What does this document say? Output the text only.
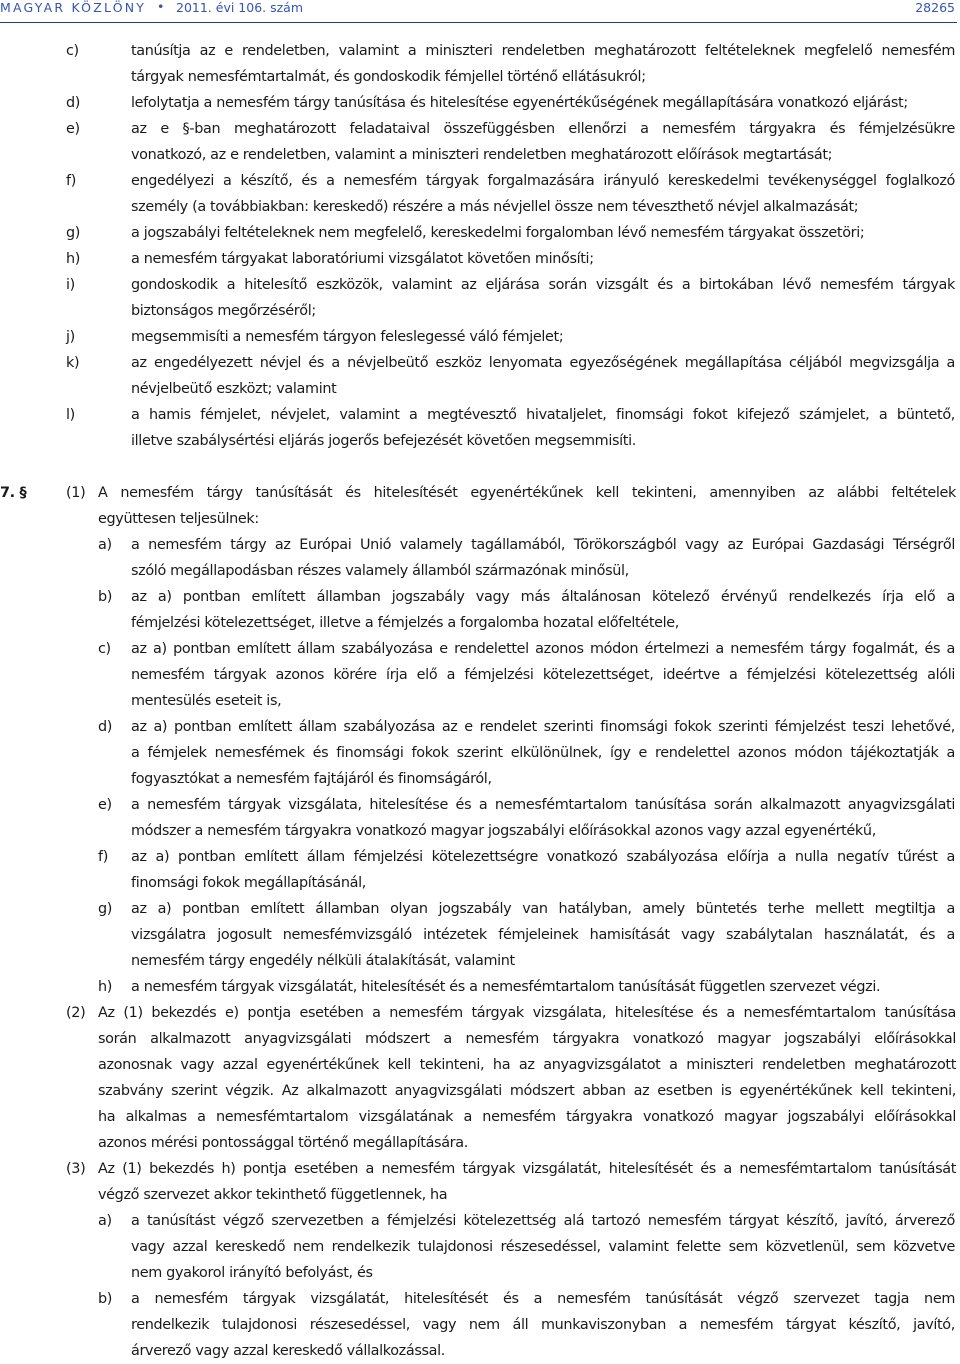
MAGYAR KÖZLÖNY • 2011. évi 106. szám	28265
c)	tanúsítja az e rendeletben, valamint a miniszteri rendeletben meghatározott feltételeknek megfelelő nemesfém
tárgyak nemesfémtartalmát, és gondoskodik fémjellel történő ellátásukról;
d)	lefolytatja a nemesfém tárgy tanúsítása és hitelesítése egyenértékűségének megállapítására vonatkozó eljárást;
e)	az e §-ban meghatározott feladataival összefüggésben ellenőrzi a nemesfém tárgyakra és fémjelzésükre
vonatkozó, az e rendeletben, valamint a miniszteri rendeletben meghatározott előírások megtartását;
f)	engedélyezi a készítő, és a nemesfém tárgyak forgalmazására irányuló kereskedelmi tevékenységgel foglalkozó
személy (a továbbiakban: kereskedő) részére a más névjellel össze nem téveszthető névjel alkalmazását;
g)	a jogszabályi feltételeknek nem megfelelő, kereskedelmi forgalomban lévő nemesfém tárgyakat összetöri;
h)	a nemesfém tárgyakat laboratóriumi vizsgálatot követően minősíti;
i)	gondoskodik a hitelesítő eszközök, valamint az eljárása során vizsgált és a birtokában lévő nemesfém tárgyak
biztonságos megőrzéséről;
j)	megsemmisíti a nemesfém tárgyon feleslegessé váló fémjelet;
k)	az engedélyezett névjel és a névjelbeütő eszköz lenyomata egyezőségének megállapítása céljából megvizsgálja a
névjelbeütő eszközt; valamint
l)	a hamis fémjelet, névjelet, valamint a megtévesztő hivataljelet, finomsági fokot kifejező számjelet, a büntető,
illetve szabálysértési eljárás jogerős befejezését követően megsemmisíti.
7. §	(1) A nemesfém tárgy tanúsítását és hitelesítését egyenértékűnek kell tekinteni, amennyiben az alábbi feltételek
együttesen teljesülnek:
a) a nemesfém tárgy az Európai Unió valamely tagállamából, Törökországból vagy az Európai Gazdasági Térségről
szóló megállapodásban részes valamely államból származónak minősül,
b) az a) pontban említett államban jogszabály vagy más általánosan kötelező érvényű rendelkezés írja elő a
fémjelzési kötelezettséget, illetve a fémjelzés a forgalomba hozatal előfeltétele,
c) az a) pontban említett állam szabályozása e rendelettel azonos módon értelmezi a nemesfém tárgy fogalmát, és a
nemesfém tárgyak azonos körére írja elő a fémjelzési kötelezettséget, ideértve a fémjelzési kötelezettség alóli
mentesülés eseteit is,
d) az a) pontban említett állam szabályozása az e rendelet szerinti finomsági fokok szerinti fémjelzést teszi lehetővé,
a fémjelek nemesfémek és finomsági fokok szerint elkülönülnek, így e rendelettel azonos módon tájékoztatják a
fogyasztókat a nemesfém fajtájáról és finomságáról,
e) a nemesfém tárgyak vizsgálata, hitelesítése és a nemesfémtartalom tanúsítása során alkalmazott anyagvizsgálati
módszer a nemesfém tárgyakra vonatkozó magyar jogszabályi előírásokkal azonos vagy azzal egyenértékű,
f) az a) pontban említett állam fémjelzési kötelezettségre vonatkozó szabályozása előírja a nulla negatív tűrést a
finomsági fokok megállapításánál,
g) az a) pontban említett államban olyan jogszabály van hatályban, amely büntetés terhe mellett megtiltja a
vizsgálatra jogosult nemesfémvizsgáló intézetek fémjeleinek hamisítását vagy szabálytalan használatát, és a
nemesfém tárgy engedély nélküli átalakítását, valamint
h) a nemesfém tárgyak vizsgálatát, hitelesítését és a nemesfémtartalom tanúsítását független szervezet végzi.
(2) Az (1) bekezdés e) pontja esetében a nemesfém tárgyak vizsgálata, hitelesítése és a nemesfémtartalom tanúsítása
során alkalmazott anyagvizsgálati módszert a nemesfém tárgyakra vonatkozó magyar jogszabályi előírásokkal
azonosnak vagy azzal egyenértékűnek kell tekinteni, ha az anyagvizsgálatot a miniszteri rendeletben meghatározott
szabvány szerint végzik. Az alkalmazott anyagvizsgálati módszert abban az esetben is egyenértékűnek kell tekinteni,
ha alkalmas a nemesfémtartalom vizsgálatának a nemesfém tárgyakra vonatkozó magyar jogszabályi előírásokkal
azonos mérési pontossággal történő megállapítására.
(3) Az (1) bekezdés h) pontja esetében a nemesfém tárgyak vizsgálatát, hitelesítését és a nemesfémtartalom tanúsítását
végző szervezet akkor tekinthető függetlennek, ha
a) a tanúsítást végző szervezetben a fémjelzési kötelezettség alá tartozó nemesfém tárgyat készítő, javító, árverező
vagy azzal kereskedő nem rendelkezik tulajdonosi részesedéssel, valamint felette sem közvetlenül, sem közvetve
nem gyakorol irányító befolyást, és
b) a nemesfém tárgyak vizsgálatát, hitelesítését és a nemesfém tanúsítását végző szervezet tagja nem
rendelkezik tulajdonosi részesedéssel, vagy nem áll munkaviszonyban a nemesfém tárgyat készítő, javító,
árverező vagy azzal kereskedő vállalkozással.
